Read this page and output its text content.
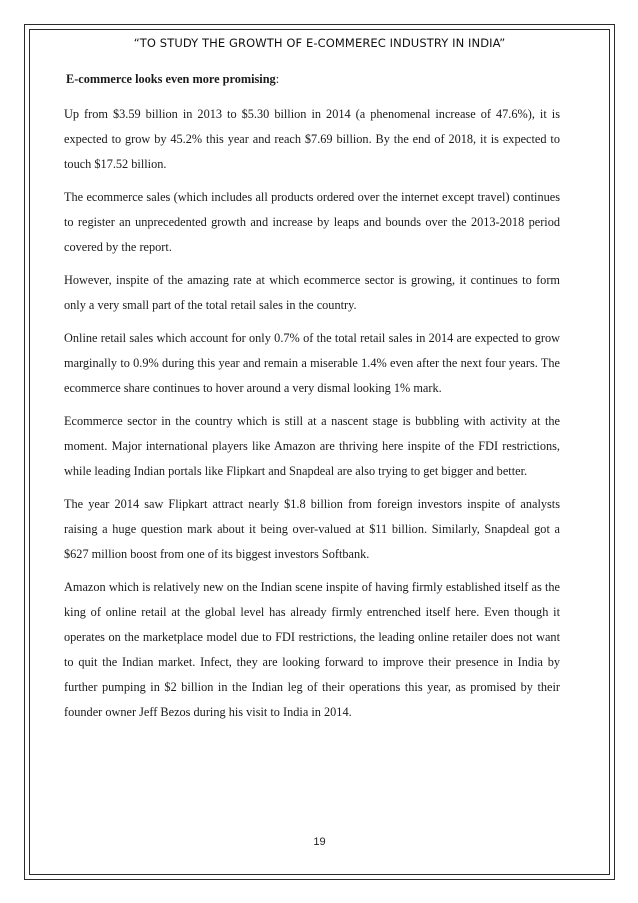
“TO STUDY THE GROWTH OF E-COMMEREC INDUSTRY IN INDIA”

E-commerce looks even more promising:

Up from $3.59 billion in 2013 to $5.30 billion in 2014 (a phenomenal increase of 47.6%), it is expected to grow by 45.2% this year and reach $7.69 billion. By the end of 2018, it is expected to touch $17.52 billion.

The ecommerce sales (which includes all products ordered over the internet except travel) continues to register an unprecedented growth and increase by leaps and bounds over the 2013-2018 period covered by the report.

However, inspite of the amazing rate at which ecommerce sector is growing, it continues to form only a very small part of the total retail sales in the country.

Online retail sales which account for only 0.7% of the total retail sales in 2014 are expected to grow marginally to 0.9% during this year and remain a miserable 1.4% even after the next four years. The ecommerce share continues to hover around a very dismal looking 1% mark.

Ecommerce sector in the country which is still at a nascent stage is bubbling with activity at the moment. Major international players like Amazon are thriving here inspite of the FDI restrictions, while leading Indian portals like Flipkart and Snapdeal are also trying to get bigger and better.

The year 2014 saw Flipkart attract nearly $1.8 billion from foreign investors inspite of analysts raising a huge question mark about it being over-valued at $11 billion. Similarly, Snapdeal got a $627 million boost from one of its biggest investors Softbank.

Amazon which is relatively new on the Indian scene inspite of having firmly established itself as the king of online retail at the global level has already firmly entrenched itself here. Even though it operates on the marketplace model due to FDI restrictions, the leading online retailer does not want to quit the Indian market. Infect, they are looking forward to improve their presence in India by further pumping in $2 billion in the Indian leg of their operations this year, as promised by their founder owner Jeff Bezos during his visit to India in 2014.

19
